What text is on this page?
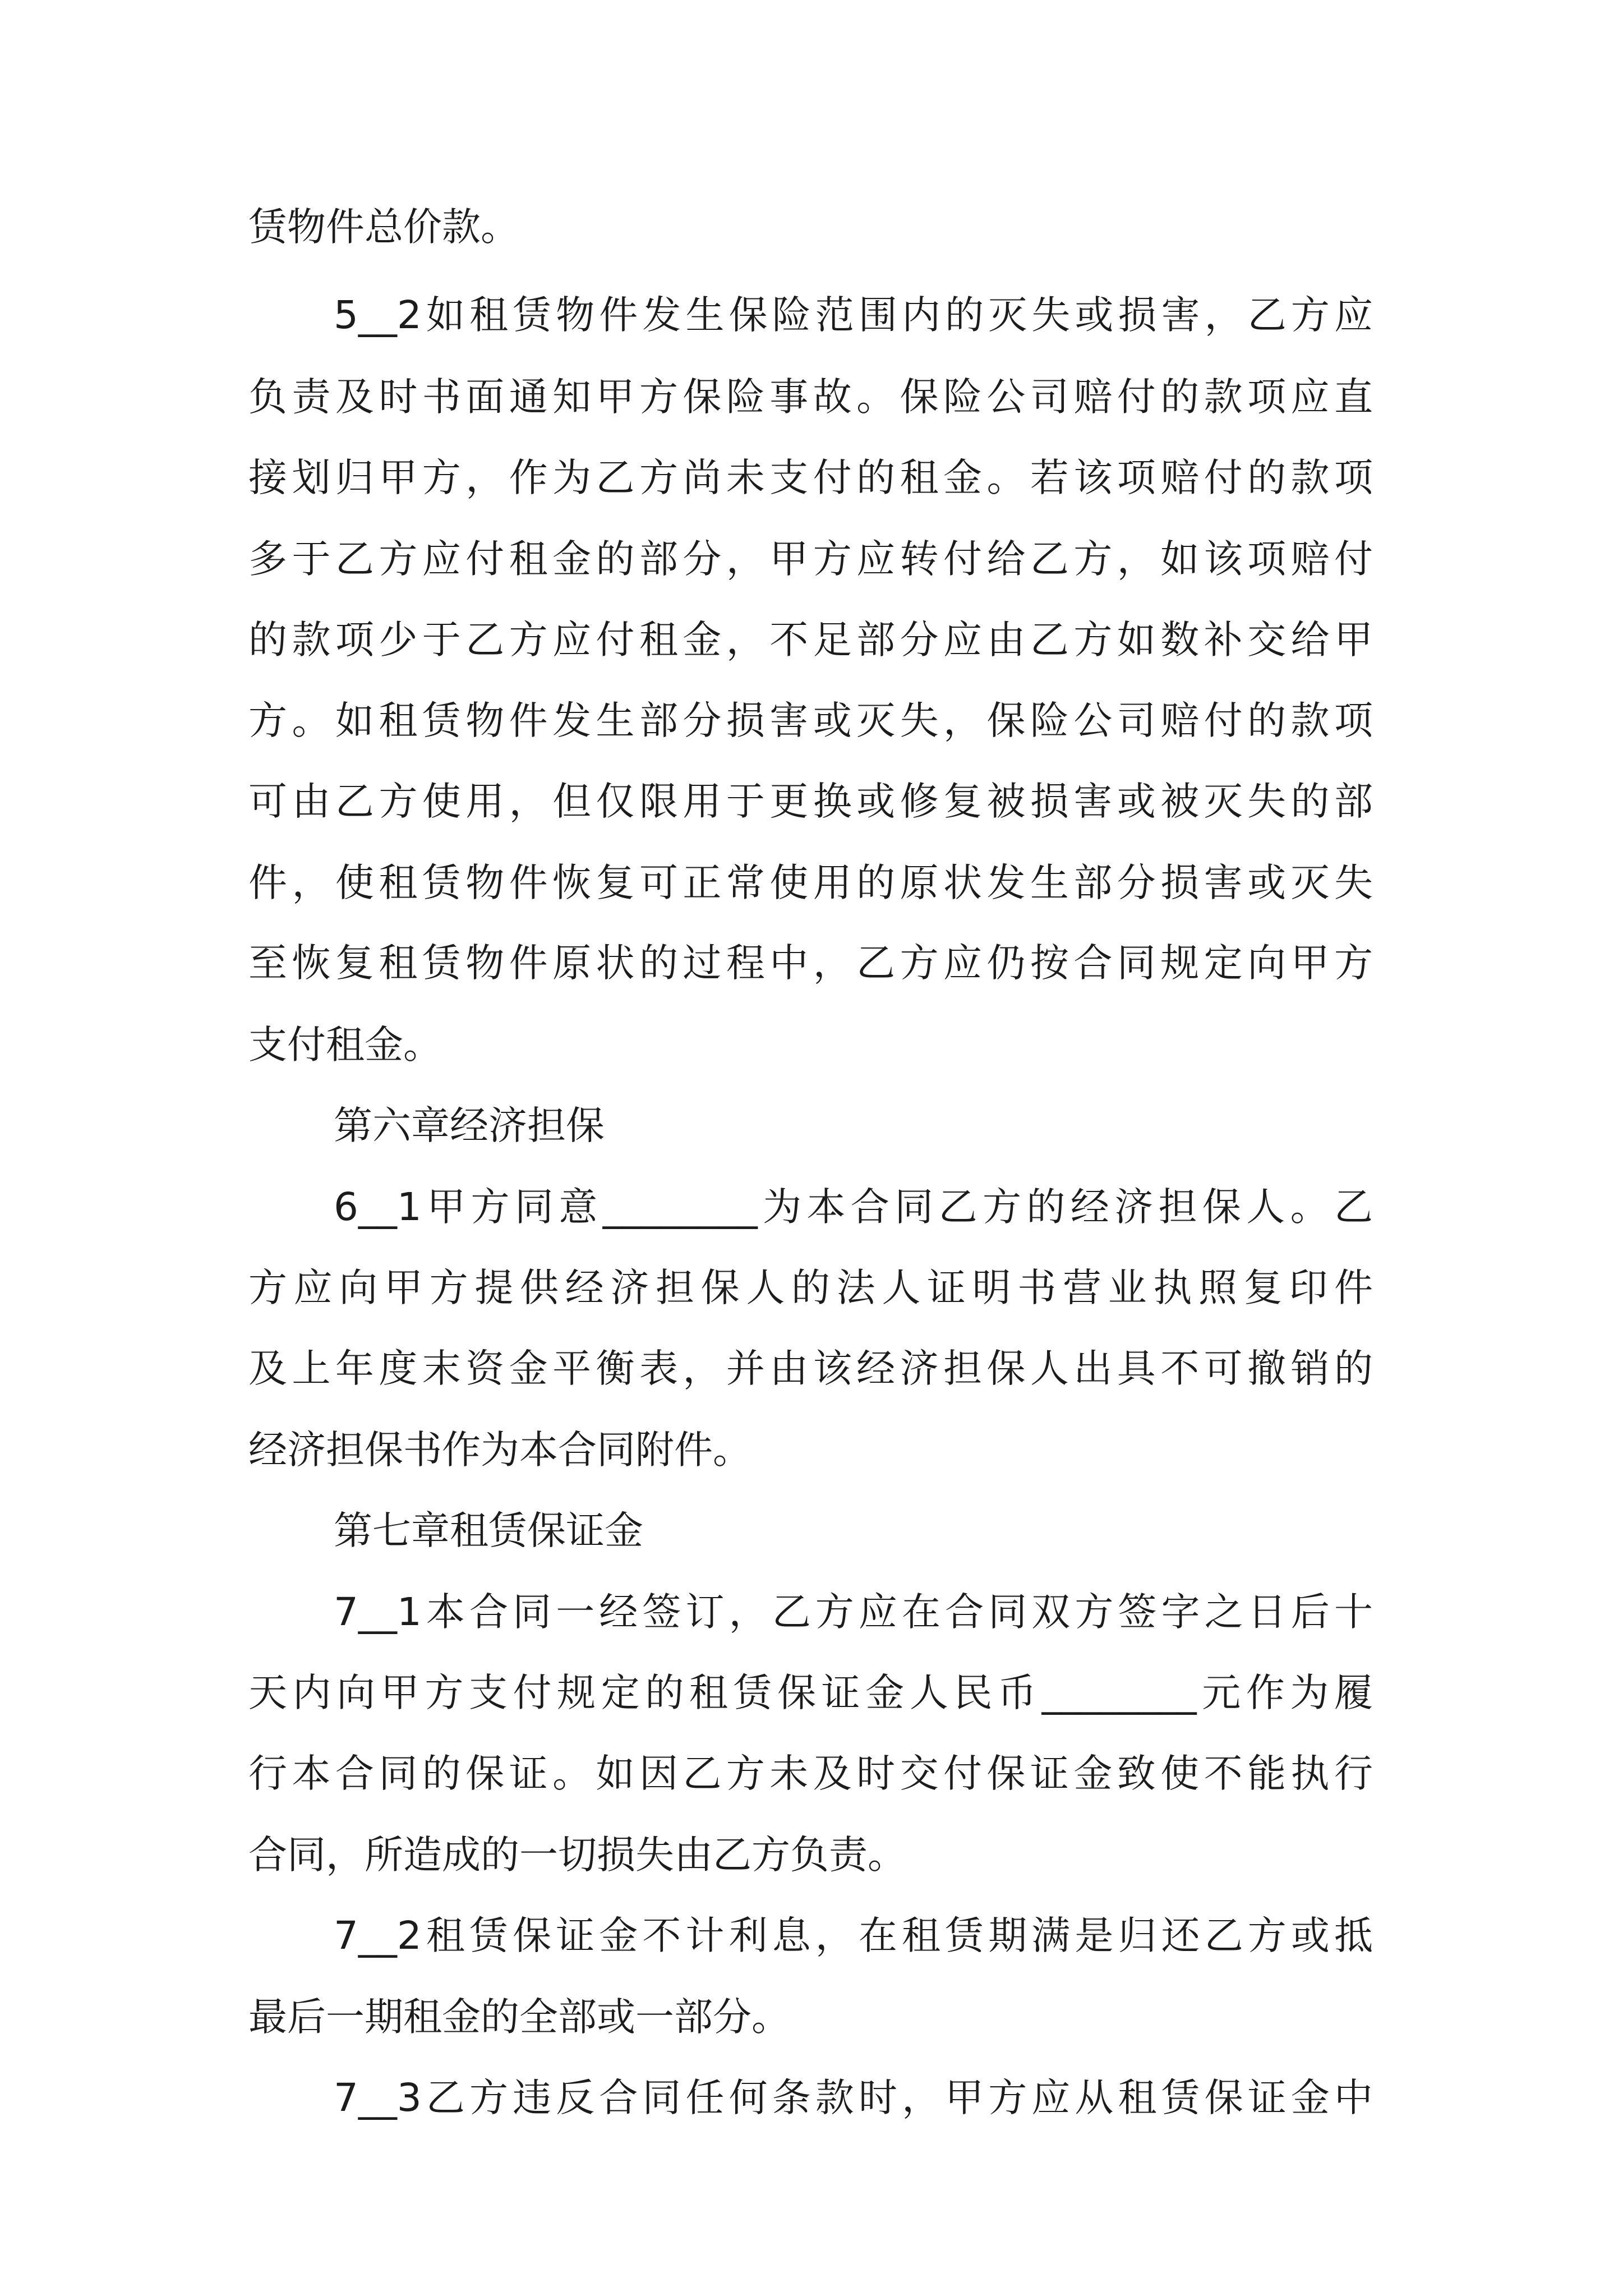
赁物件总价款。

5__2如租赁物件发生保险范围内的灭失或损害，乙方应

负责及时书面通知甲方保险事故。保险公司赔付的款项应直

接划归甲方，作为乙方尚未支付的租金。若该项赔付的款项

多于乙方应付租金的部分，甲方应转付给乙方，如该项赔付

的款项少于乙方应付租金，不足部分应由乙方如数补交给甲

方。如租赁物件发生部分损害或灭失，保险公司赔付的款项

可由乙方使用，但仅限用于更换或修复被损害或被灭失的部

件，使租赁物件恢复可正常使用的原状发生部分损害或灭失

至恢复租赁物件原状的过程中，乙方应仍按合同规定向甲方

支付租金。

第六章经济担保

6__1甲方同意________为本合同乙方的经济担保人。乙

方应向甲方提供经济担保人的法人证明书营业执照复印件

及上年度末资金平衡表，并由该经济担保人出具不可撤销的

经济担保书作为本合同附件。

第七章租赁保证金

7__1本合同一经签订，乙方应在合同双方签字之日后十

天内向甲方支付规定的租赁保证金人民币________元作为履

行本合同的保证。如因乙方未及时交付保证金致使不能执行

合同，所造成的一切损失由乙方负责。

7__2租赁保证金不计利息，在租赁期满是归还乙方或抵

最后一期租金的全部或一部分。

7__3乙方违反合同任何条款时，甲方应从租赁保证金中
